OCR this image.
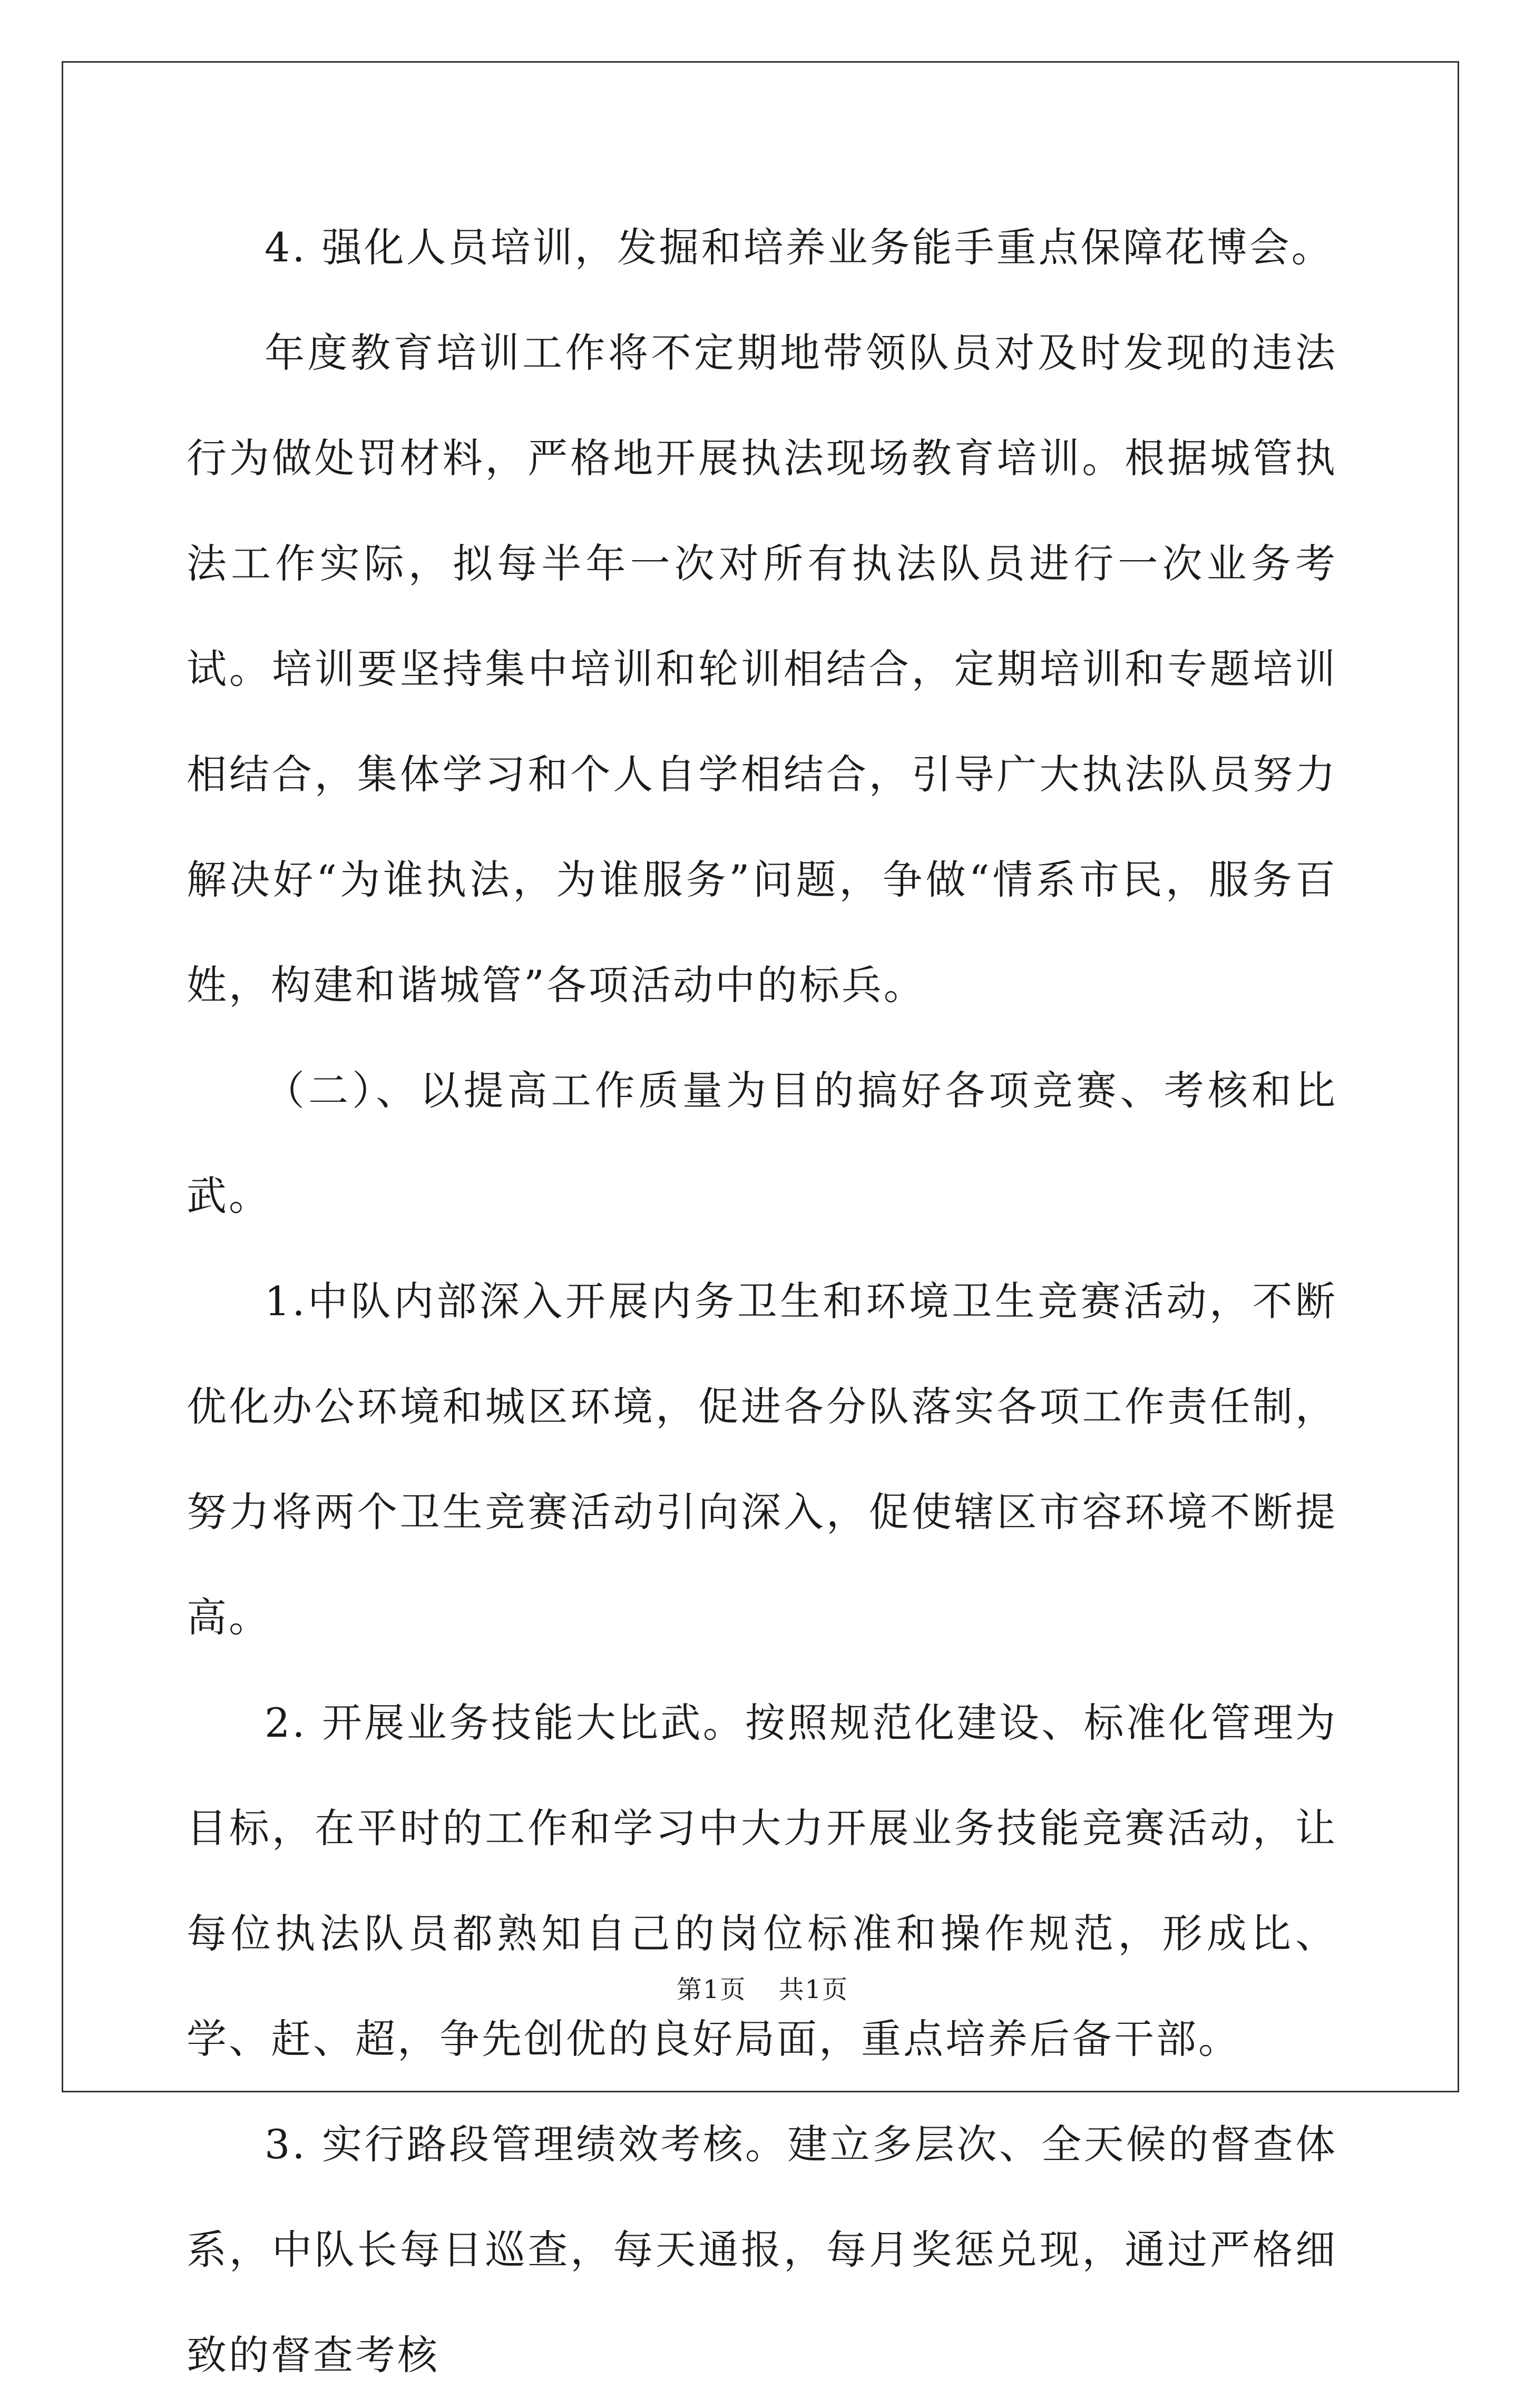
4. 强化人员培训，发掘和培养业务能手重点保障花博会。

年度教育培训工作将不定期地带领队员对及时发现的违法行为做处罚材料，严格地开展执法现场教育培训。根据城管执法工作实际，拟每半年一次对所有执法队员进行一次业务考试。培训要坚持集中培训和轮训相结合，定期培训和专题培训相结合，集体学习和个人自学相结合，引导广大执法队员努力解决好“为谁执法，为谁服务”问题，争做“情系市民，服务百姓，构建和谐城管”各项活动中的标兵。

（二）、以提高工作质量为目的搞好各项竞赛、考核和比武。

1.中队内部深入开展内务卫生和环境卫生竞赛活动，不断优化办公环境和城区环境，促进各分队落实各项工作责任制，努力将两个卫生竞赛活动引向深入，促使辖区市容环境不断提高。

2. 开展业务技能大比武。按照规范化建设、标准化管理为目标，在平时的工作和学习中大力开展业务技能竞赛活动，让每位执法队员都熟知自己的岗位标准和操作规范，形成比、学、赶、超，争先创优的良好局面，重点培养后备干部。

3. 实行路段管理绩效考核。建立多层次、全天候的督查体系，中队长每日巡查，每天通报，每月奖惩兑现，通过严格细致的督查考核

第1页 共1页
